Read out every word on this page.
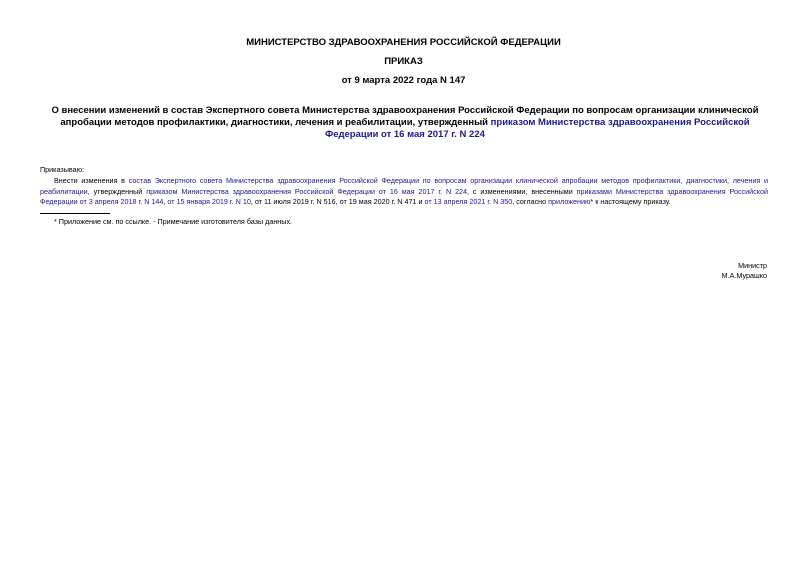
МИНИСТЕРСТВО ЗДРАВООХРАНЕНИЯ РОССИЙСКОЙ ФЕДЕРАЦИИ

ПРИКАЗ

от 9 марта 2022 года N 147

О внесении изменений в состав Экспертного совета Министерства здравоохранения Российской Федерации по вопросам организации клинической апробации методов профилактики, диагностики, лечения и реабилитации, утвержденный приказом Министерства здравоохранения Российской Федерации от 16 мая 2017 г. N 224

Приказываю:

Внести изменения в состав Экспертного совета Министерства здравоохранения Российской Федерации по вопросам организации клинической апробации методов профилактики, диагностики, лечения и реабилитации, утвержденный приказом Министерства здравоохранения Российской Федерации от 16 мая 2017 г. N 224, с изменениями, внесенными приказами Министерства здравоохранения Российской Федерации от 3 апреля 2018 г. N 144, от 15 января 2019 г. N 10, от 11 июля 2019 г. N 516, от 19 мая 2020 г. N 471 и от 13 апреля 2021 г. N 350, согласно приложению* к настоящему приказу.

* Приложение см. по ссылке. - Примечание изготовителя базы данных.

Министр

М.А.Мурашко
